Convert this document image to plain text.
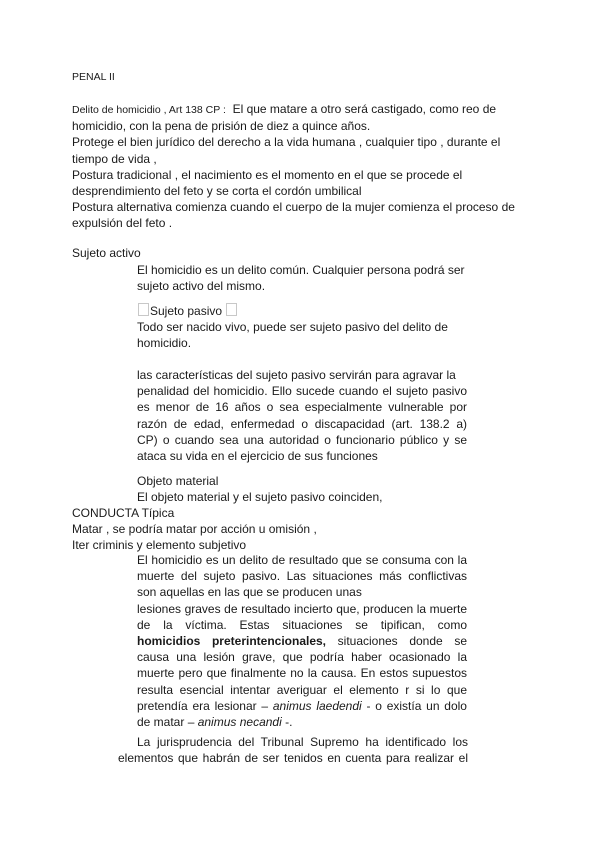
PENAL II

Delito de homicidio , Art 138 CP : El que matare a otro será castigado, como reo de

homicidio, con la pena de prisión de diez a quince años.

Protege el bien jurídico del derecho a la vida humana , cualquier tipo , durante el

tiempo de vida ,

Postura tradicional , el nacimiento es el momento en el que se procede el

desprendimiento del feto y se corta el cordón umbilical

Postura alternativa comienza cuando el cuerpo de la mujer comienza el proceso de

expulsión del feto .

Sujeto activo

El homicidio es un delito común. Cualquier persona podrá ser

sujeto activo del mismo.

Sujeto pasivo

Todo ser nacido vivo, puede ser sujeto pasivo del delito de

homicidio.

las características del sujeto pasivo servirán para agravar la

penalidad del homicidio. Ello sucede cuando el sujeto pasivo

es menor de 16 años o sea especialmente vulnerable por

razón de edad, enfermedad o discapacidad (art. 138.2 a)

CP) o cuando sea una autoridad o funcionario público y se

ataca su vida en el ejercicio de sus funciones

Objeto material

El objeto material y el sujeto pasivo coinciden,

CONDUCTA Típica

Matar , se podría matar por acción u omisión ,

Iter criminis y elemento subjetivo

El homicidio es un delito de resultado que se consuma con la

muerte del sujeto pasivo. Las situaciones más conflictivas

son aquellas en las que se producen unas

lesiones graves de resultado incierto que, producen la muerte

de la víctima. Estas situaciones se tipifican, como

homicidios preterintencionales, situaciones donde se

causa una lesión grave, que podría haber ocasionado la

muerte pero que finalmente no la causa. En estos supuestos

resulta esencial intentar averiguar el elemento r si lo que

pretendía era lesionar – animus laedendi - o existía un dolo

de matar – animus necandi -.

La jurisprudencia del Tribunal Supremo ha identificado los

elementos que habrán de ser tenidos en cuenta para realizar el
